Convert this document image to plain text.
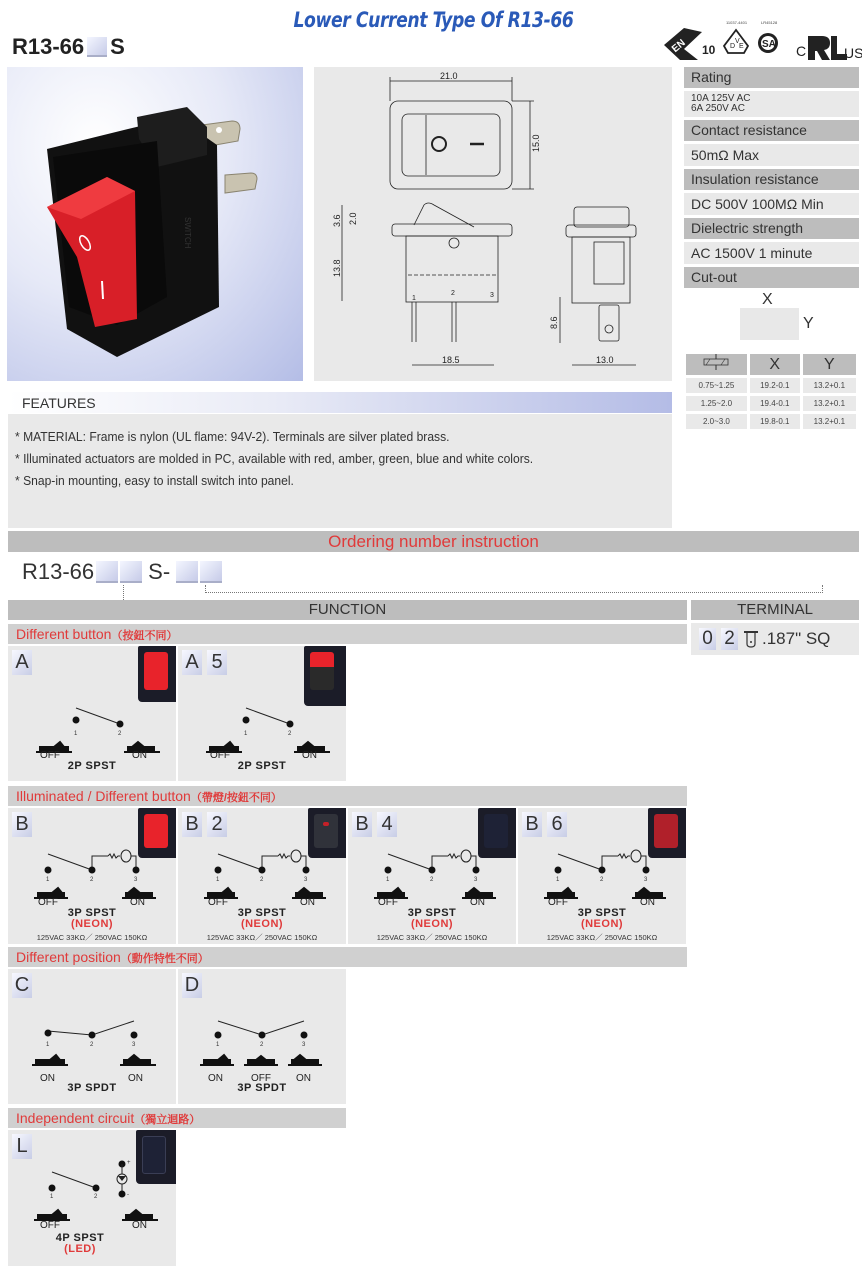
Lower Current Type Of R13-66
R13-66 S	EN 10
11037-4401
D
V
E
LR45128
SA C	US
SWITCH
21.0
15.0
1
2	3
18.5
3.6 2.0
13.8
8.6
13.0
Rating
10A 125V AC
6A 250V AC
Contact resistance
50mΩ Max
Insulation resistance
DC 500V 100MΩ Min
Dielectric strength
AC 1500V 1 minute
Cut-out
X
Y
	X	Y
0.75~1.25	19.2-0.1	13.2+0.1
1.25~2.0	19.4-0.1	13.2+0.1
2.0~3.0	19.8-0.1	13.2+0.1
FEATURES

* MATERIAL: Frame is nylon (UL flame: 94V-2). Terminals are silver plated brass.

* Illuminated actuators are molded in PC, available with red, amber, green, blue and white colors.

* Snap-in mounting, easy to install switch into panel.

Ordering number instruction
R13-66 S-
FUNCTION	TERMINAL
0 2 .187" SQ
Different button（按鈕不同）
A
1	2
OFF	ON
2P SPST
A 5
1	2
OFF	ON
2P SPST
Illuminated / Different button（帶燈/按鈕不同）
B
1	2	3
OFF	ON
3P SPST
(NEON)
125VAC 33KΩ／ 250VAC 150KΩ
B 2
1	2	3
OFF	ON
3P SPST
(NEON)
125VAC 33KΩ／ 250VAC 150KΩ
B 4
1	2	3
OFF	ON
3P SPST
(NEON)
125VAC 33KΩ／ 250VAC 150KΩ
B 6
1	2	3
OFF	ON
3P SPST
(NEON)
125VAC 33KΩ／ 250VAC 150KΩ
Different position（動作特性不同）
C
1	2	3
ON	ON
3P SPDT
D
1	2	3
ON	OFF	ON
3P SPDT
Independent circuit（獨立迴路）
L
1	2
+
-
OFF	ON
4P SPST
(LED)
